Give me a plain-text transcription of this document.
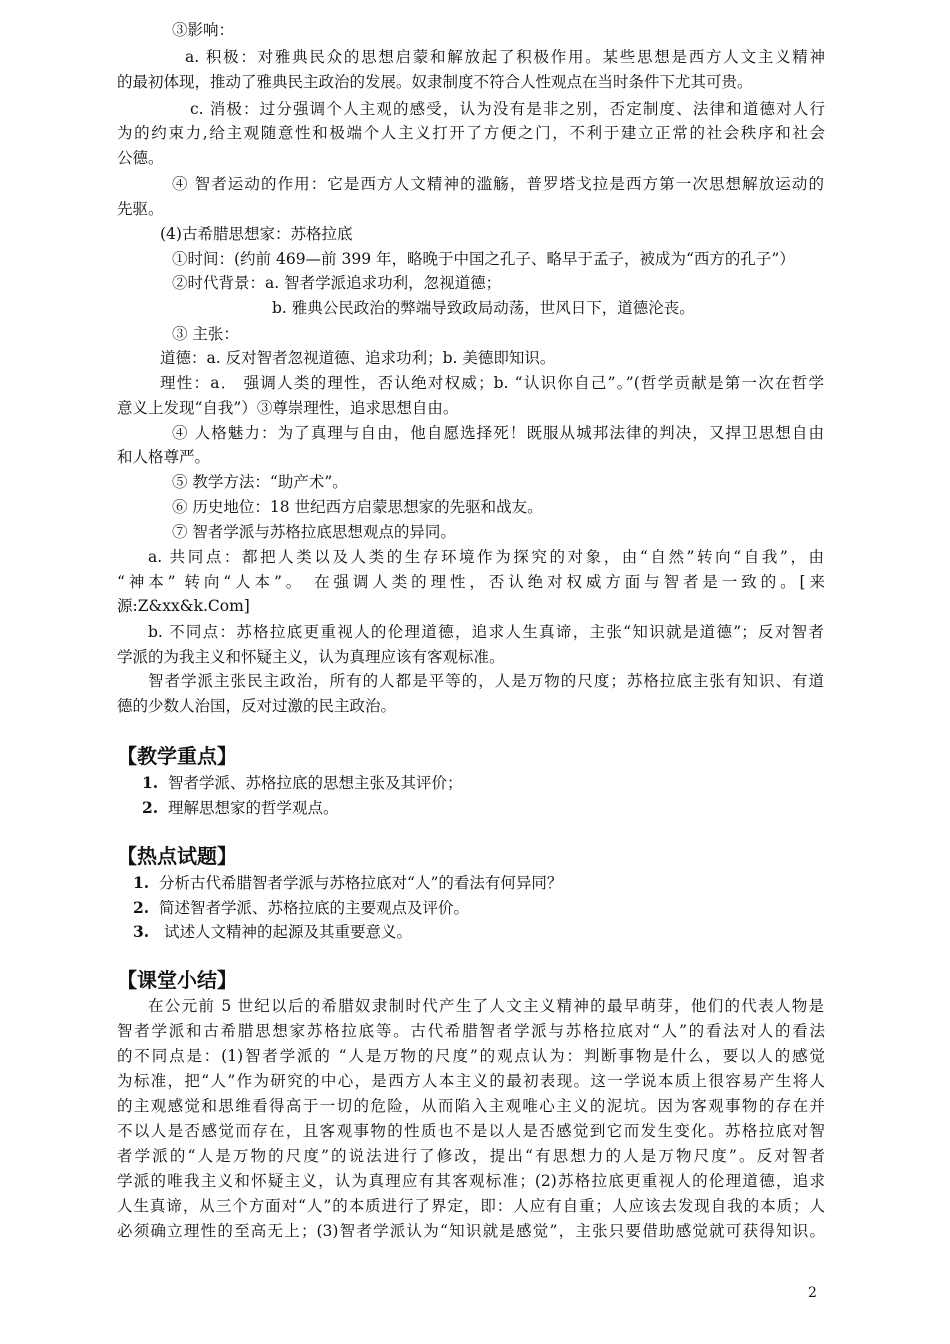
③影响：
a. 积极：对雅典民众的思想启蒙和解放起了积极作用。某些思想是西方人文主义精神
的最初体现，推动了雅典民主政治的发展。奴隶制度不符合人性观点在当时条件下尤其可贵。
c. 消极：过分强调个人主观的感受，认为没有是非之别，否定制度、法律和道德对人行
为的约束力,给主观随意性和极端个人主义打开了方便之门，不利于建立正常的社会秩序和社会
公德。
④ 智者运动的作用：它是西方人文精神的滥觞，普罗塔戈拉是西方第一次思想解放运动的
先驱。
(4)古希腊思想家：苏格拉底
①时间：(约前 469—前 399 年，略晚于中国之孔子、略早于孟子，被成为“西方的孔子”）
②时代背景：a. 智者学派追求功利，忽视道德；
b. 雅典公民政治的弊端导致政局动荡，世风日下，道德沦丧。
③ 主张：
道德：a. 反对智者忽视道德、追求功利；b. 美德即知识。
理性：a． 强调人类的理性，否认绝对权威；b. “认识你自己”。”(哲学贡献是第一次在哲学
意义上发现“自我”）③尊崇理性，追求思想自由。
④ 人格魅力：为了真理与自由，他自愿选择死！既服从城邦法律的判决，又捍卫思想自由
和人格尊严。
⑤ 教学方法：“助产术”。
⑥ 历史地位：18 世纪西方启蒙思想家的先驱和战友。
⑦ 智者学派与苏格拉底思想观点的异同。
a. 共同点：都把人类以及人类的生存环境作为探究的对象，由“自然”转向“自我”，由
“神本” 转向“人本”。 在强调人类的理性，否认绝对权威方面与智者是一致的。[来
源:Z&xx&k.Com]
b. 不同点：苏格拉底更重视人的伦理道德，追求人生真谛，主张“知识就是道德”；反对智者
学派的为我主义和怀疑主义，认为真理应该有客观标准。
智者学派主张民主政治，所有的人都是平等的，人是万物的尺度；苏格拉底主张有知识、有道
德的少数人治国，反对过激的民主政治。
【教学重点】
1. 智者学派、苏格拉底的思想主张及其评价；
2. 理解思想家的哲学观点。
【热点试题】
1. 分析古代希腊智者学派与苏格拉底对“人”的看法有何异同？
2. 简述智者学派、苏格拉底的主要观点及评价。
3. 试述人文精神的起源及其重要意义。
【课堂小结】
在公元前 5 世纪以后的希腊奴隶制时代产生了人文主义精神的最早萌芽，他们的代表人物是
智者学派和古希腊思想家苏格拉底等。古代希腊智者学派与苏格拉底对“人”的看法对人的看法
的不同点是：(1)智者学派的 “人是万物的尺度”的观点认为：判断事物是什么，要以人的感觉
为标准，把“人”作为研究的中心，是西方人本主义的最初表现。这一学说本质上很容易产生将人
的主观感觉和思维看得高于一切的危险，从而陷入主观唯心主义的泥坑。因为客观事物的存在并
不以人是否感觉而存在，且客观事物的性质也不是以人是否感觉到它而发生变化。苏格拉底对智
者学派的“人是万物的尺度”的说法进行了修改，提出“有思想力的人是万物尺度”。反对智者
学派的唯我主义和怀疑主义，认为真理应有其客观标准；(2)苏格拉底更重视人的伦理道德，追求
人生真谛，从三个方面对“人”的本质进行了界定，即：人应有自重；人应该去发现自我的本质；人
必须确立理性的至高无上；(3)智者学派认为“知识就是感觉”，主张只要借助感觉就可获得知识。
2
